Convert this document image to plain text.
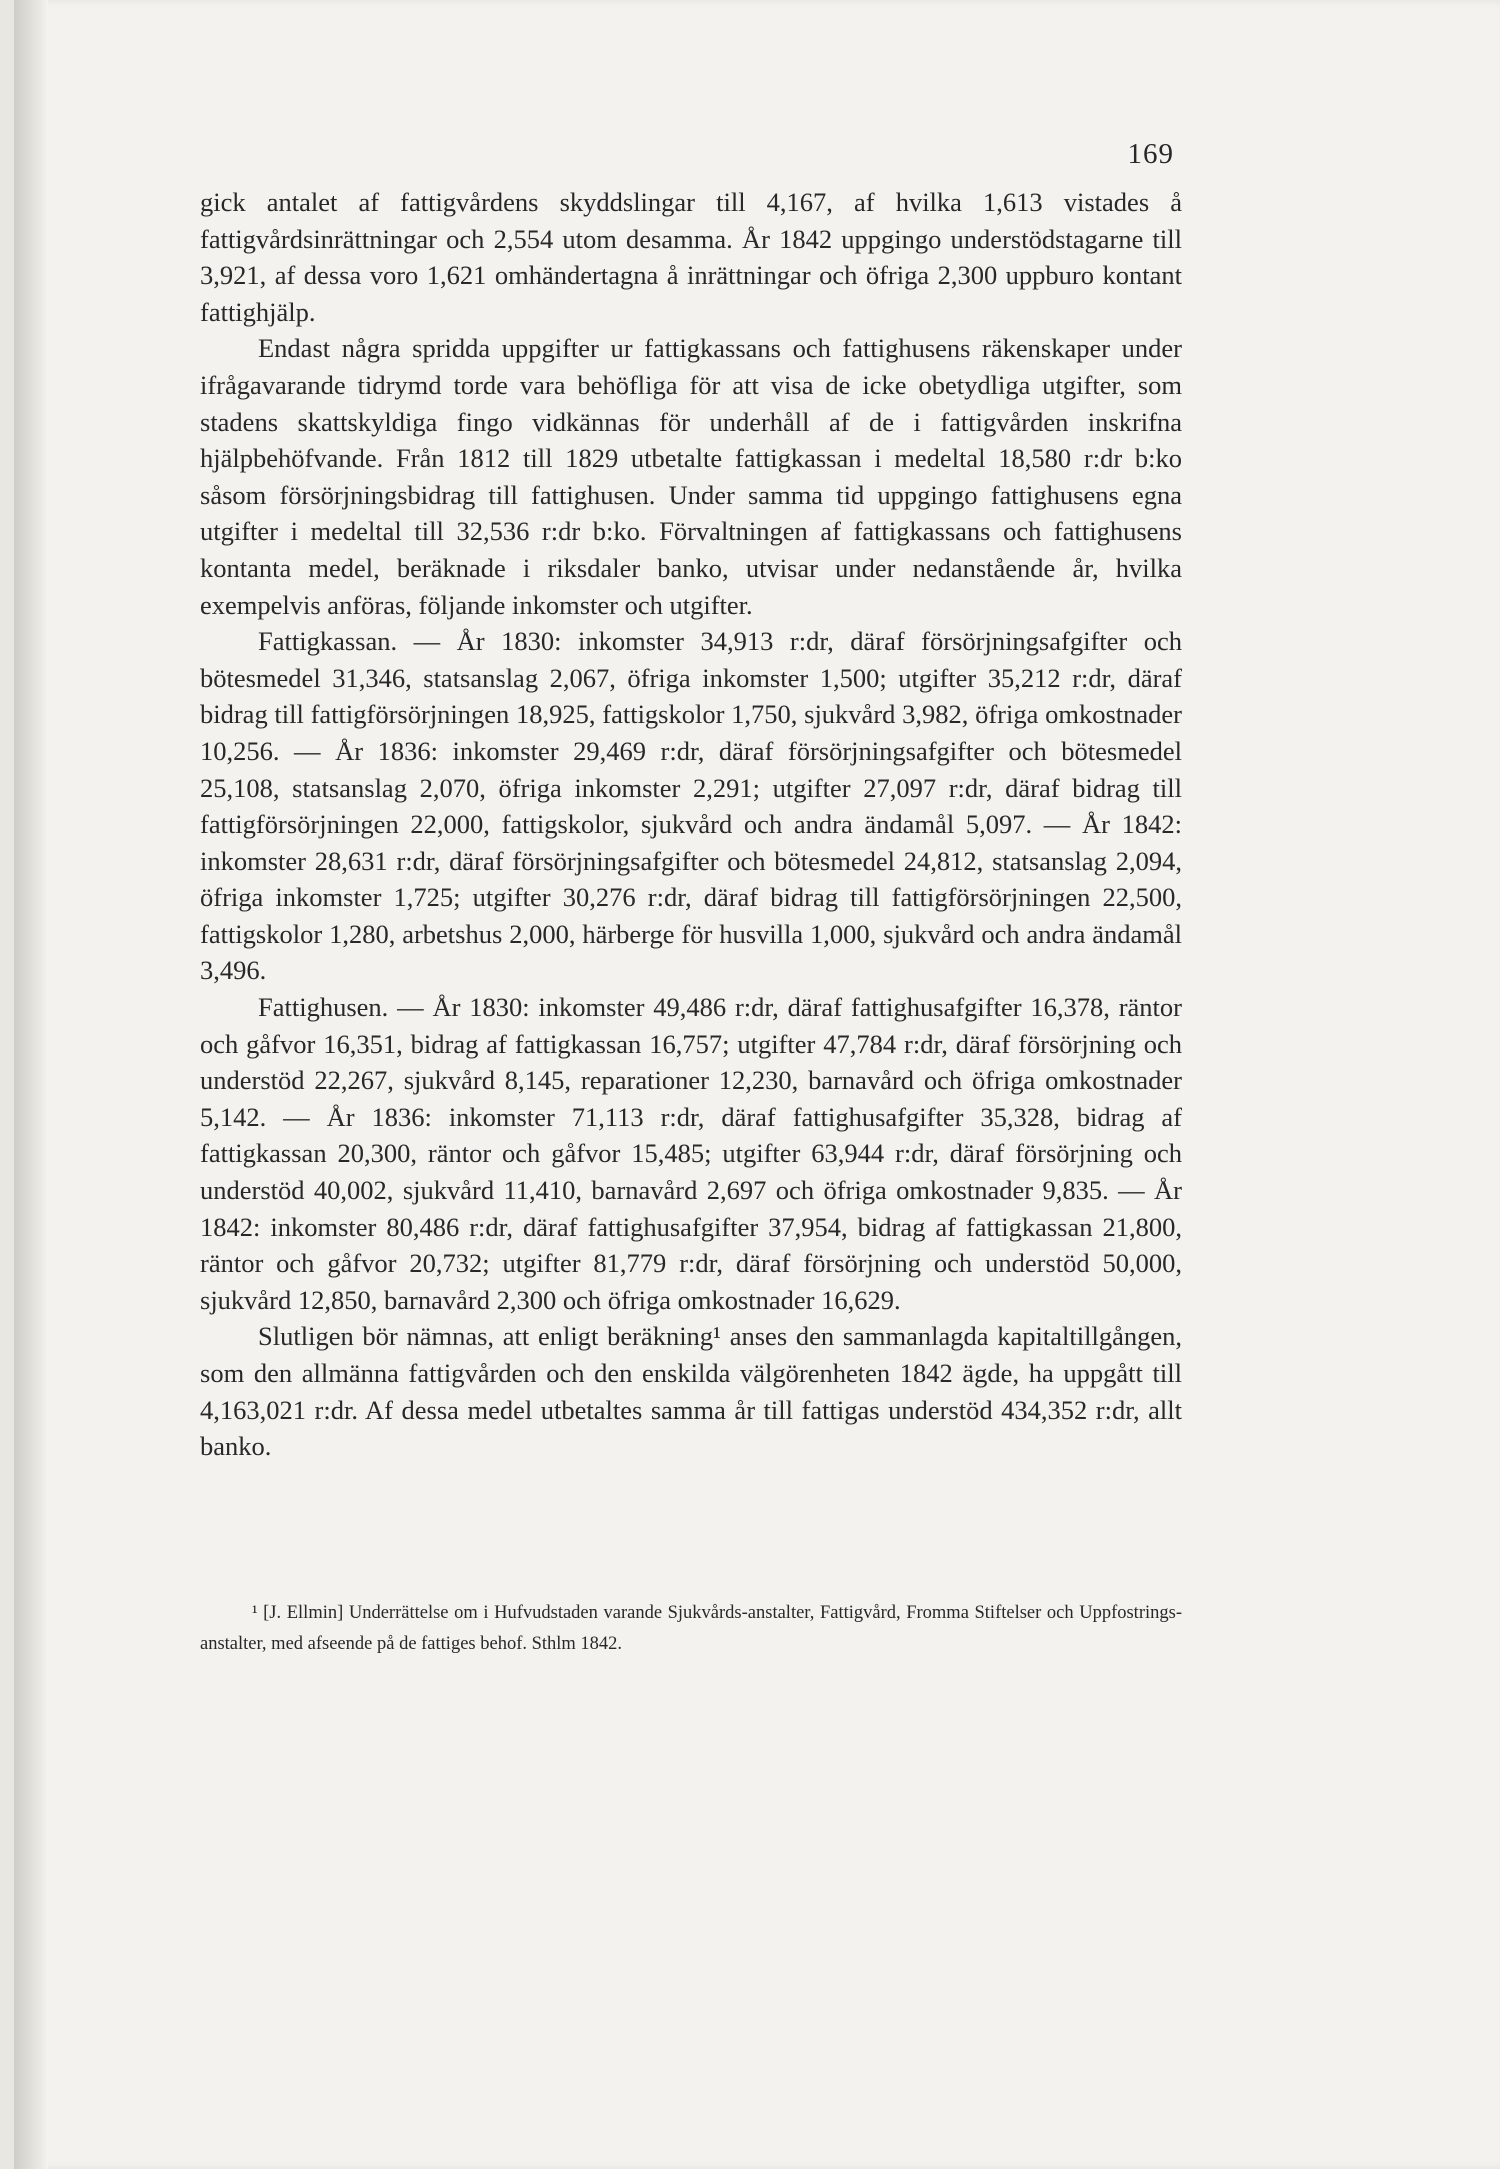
169

gick antalet af fattigvårdens skyddslingar till 4,167, af hvilka 1,613 vistades å fattigvårdsinrättningar och 2,554 utom desamma. År 1842 uppgingo understödstagarne till 3,921, af dessa voro 1,621 omhändertagna å inrättningar och öfriga 2,300 uppburo kontant fattighjälp.

Endast några spridda uppgifter ur fattigkassans och fattighusens räkenskaper under ifrågavarande tidrymd torde vara behöfliga för att visa de icke obetydliga utgifter, som stadens skattskyldiga fingo vidkännas för underhåll af de i fattigvården inskrifna hjälpbehöfvande. Från 1812 till 1829 utbetalte fattigkassan i medeltal 18,580 r:dr b:ko såsom försörjningsbidrag till fattighusen. Under samma tid uppgingo fattighusens egna utgifter i medeltal till 32,536 r:dr b:ko. Förvaltningen af fattigkassans och fattighusens kontanta medel, beräknade i riksdaler banko, utvisar under nedanstående år, hvilka exempelvis anföras, följande inkomster och utgifter.

Fattigkassan. — År 1830: inkomster 34,913 r:dr, däraf försörjningsafgifter och bötesmedel 31,346, statsanslag 2,067, öfriga inkomster 1,500; utgifter 35,212 r:dr, däraf bidrag till fattigförsörjningen 18,925, fattigskolor 1,750, sjukvård 3,982, öfriga omkostnader 10,256. — År 1836: inkomster 29,469 r:dr, däraf försörjningsafgifter och bötesmedel 25,108, statsanslag 2,070, öfriga inkomster 2,291; utgifter 27,097 r:dr, däraf bidrag till fattigförsörjningen 22,000, fattigskolor, sjukvård och andra ändamål 5,097. — År 1842: inkomster 28,631 r:dr, däraf försörjningsafgifter och bötesmedel 24,812, statsanslag 2,094, öfriga inkomster 1,725; utgifter 30,276 r:dr, däraf bidrag till fattigförsörjningen 22,500, fattigskolor 1,280, arbetshus 2,000, härberge för husvilla 1,000, sjukvård och andra ändamål 3,496.

Fattighusen. — År 1830: inkomster 49,486 r:dr, däraf fattighusafgifter 16,378, räntor och gåfvor 16,351, bidrag af fattigkassan 16,757; utgifter 47,784 r:dr, däraf försörjning och understöd 22,267, sjukvård 8,145, reparationer 12,230, barnavård och öfriga omkostnader 5,142. — År 1836: inkomster 71,113 r:dr, däraf fattighusafgifter 35,328, bidrag af fattigkassan 20,300, räntor och gåfvor 15,485; utgifter 63,944 r:dr, däraf försörjning och understöd 40,002, sjukvård 11,410, barnavård 2,697 och öfriga omkostnader 9,835. — År 1842: inkomster 80,486 r:dr, däraf fattighusafgifter 37,954, bidrag af fattigkassan 21,800, räntor och gåfvor 20,732; utgifter 81,779 r:dr, däraf försörjning och understöd 50,000, sjukvård 12,850, barnavård 2,300 och öfriga omkostnader 16,629.

Slutligen bör nämnas, att enligt beräkning¹ anses den sammanlagda kapitaltillgången, som den allmänna fattigvården och den enskilda välgörenheten 1842 ägde, ha uppgått till 4,163,021 r:dr. Af dessa medel utbetaltes samma år till fattigas understöd 434,352 r:dr, allt banko.

¹ [J. Ellmin] Underrättelse om i Hufvudstaden varande Sjukvårds-anstalter, Fattigvård, Fromma Stiftelser och Uppfostrings-anstalter, med afseende på de fattiges behof. Sthlm 1842.
